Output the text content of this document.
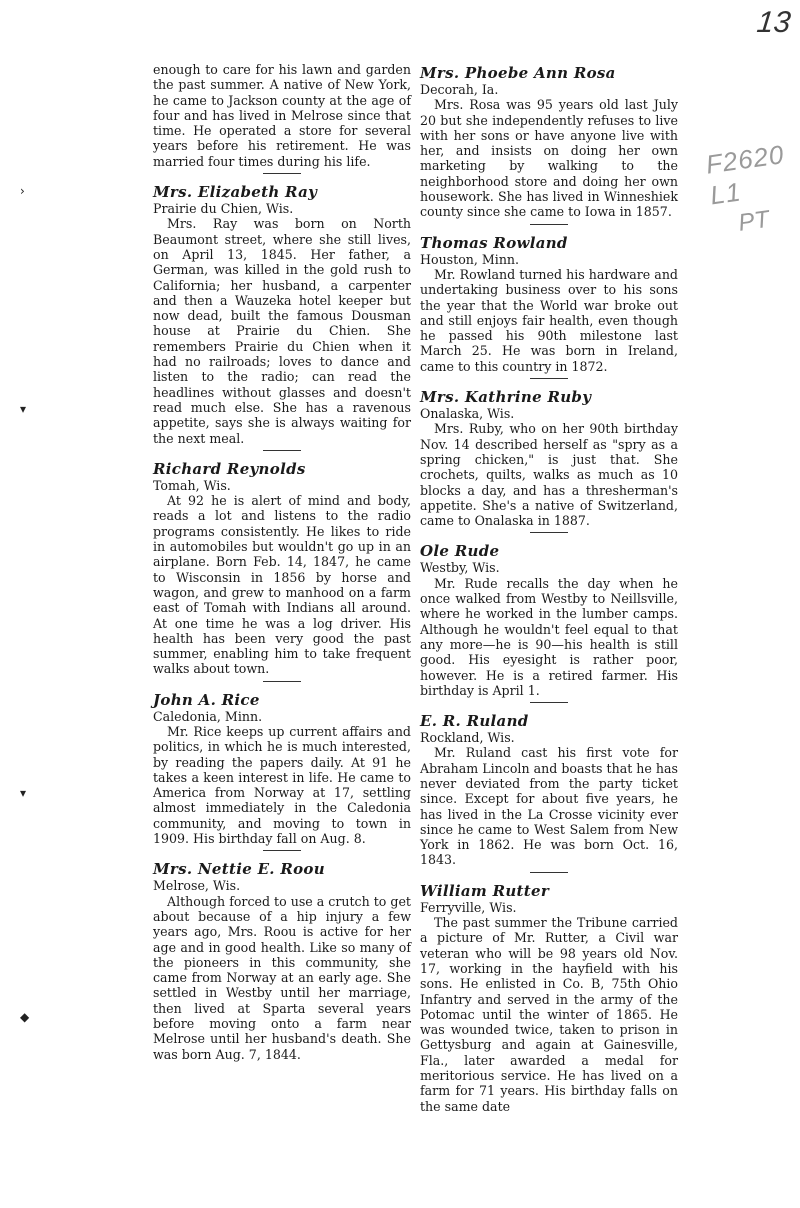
13
F2620 L1
PT
›
▾
▾
◆

enough to care for his lawn and garden the past summer. A native of New York, he came to Jackson county at the age of four and has lived in Melrose since that time. He operated a store for several years before his retirement. He was married four times during his life.

Mrs. Elizabeth Ray

Prairie du Chien, Wis.

Mrs. Ray was born on North Beaumont street, where she still lives, on April 13, 1845. Her father, a German, was killed in the gold rush to California; her husband, a carpenter and then a Wauzeka hotel keeper but now dead, built the famous Dousman house at Prairie du Chien. She remembers Prairie du Chien when it had no railroads; loves to dance and listen to the radio; can read the headlines without glasses and doesn't read much else. She has a ravenous appetite, says she is always waiting for the next meal.

Richard Reynolds

Tomah, Wis.

At 92 he is alert of mind and body, reads a lot and listens to the radio programs consistently. He likes to ride in automobiles but wouldn't go up in an airplane. Born Feb. 14, 1847, he came to Wisconsin in 1856 by horse and wagon, and grew to manhood on a farm east of Tomah with Indians all around. At one time he was a log driver. His health has been very good the past summer, enabling him to take frequent walks about town.

John A. Rice

Caledonia, Minn.

Mr. Rice keeps up current affairs and politics, in which he is much interested, by reading the papers daily. At 91 he takes a keen interest in life. He came to America from Norway at 17, settling almost immediately in the Caledonia community, and moving to town in 1909. His birthday fall on Aug. 8.

Mrs. Nettie E. Roou

Melrose, Wis.

Although forced to use a crutch to get about because of a hip injury a few years ago, Mrs. Roou is active for her age and in good health. Like so many of the pioneers in this community, she came from Norway at an early age. She settled in Westby until her marriage, then lived at Sparta several years before moving onto a farm near Melrose until her husband's death. She was born Aug. 7, 1844.

Mrs. Phoebe Ann Rosa

Decorah, Ia.

Mrs. Rosa was 95 years old last July 20 but she independently refuses to live with her sons or have anyone live with her, and insists on doing her own marketing by walking to the neighborhood store and doing her own housework. She has lived in Winneshiek county since she came to Iowa in 1857.

Thomas Rowland

Houston, Minn.

Mr. Rowland turned his hardware and undertaking business over to his sons the year that the World war broke out and still enjoys fair health, even though he passed his 90th milestone last March 25. He was born in Ireland, came to this country in 1872.

Mrs. Kathrine Ruby

Onalaska, Wis.

Mrs. Ruby, who on her 90th birthday Nov. 14 described herself as "spry as a spring chicken," is just that. She crochets, quilts, walks as much as 10 blocks a day, and has a thresherman's appetite. She's a native of Switzerland, came to Onalaska in 1887.

Ole Rude

Westby, Wis.

Mr. Rude recalls the day when he once walked from Westby to Neillsville, where he worked in the lumber camps. Although he wouldn't feel equal to that any more—he is 90—his health is still good. His eyesight is rather poor, however. He is a retired farmer. His birthday is April 1.

E. R. Ruland

Rockland, Wis.

Mr. Ruland cast his first vote for Abraham Lincoln and boasts that he has never deviated from the party ticket since. Except for about five years, he has lived in the La Crosse vicinity ever since he came to West Salem from New York in 1862. He was born Oct. 16, 1843.

William Rutter

Ferryville, Wis.

The past summer the Tribune carried a picture of Mr. Rutter, a Civil war veteran who will be 98 years old Nov. 17, working in the hayfield with his sons. He enlisted in Co. B, 75th Ohio Infantry and served in the army of the Potomac until the winter of 1865. He was wounded twice, taken to prison in Gettysburg and again at Gainesville, Fla., later awarded a medal for meritorious service. He has lived on a farm for 71 years. His birthday falls on the same date
